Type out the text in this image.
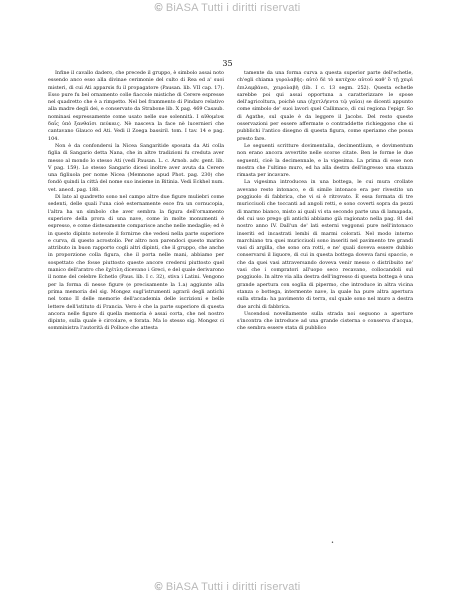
© BiASA Tutti i diritti riservati
35

Infine il cavallo dadero, che precede il gruppo, è simbolo assai noto essendo anco esso alla divinae cerimonie del culto di Rea ed a' suoi misteri, di cui Ati apparsis fu il propagatore (Pausan. lib. VII cap. 17). Esso pure fu bel ornamento colle fiaccole mistiche di Cerere espresse nel quadretto che è a rimpetto. Nel bel frammento di Pindaro relativo alla madre degli dei, e conservato da Strabone lib. X pag. 469 Casaub. nominasi espressamente come usato nelle sue solennità. I αἰθομένα δαΐς ὑπὸ ξανθαῖσι πεύκαις. Nè nasceva la face nè lucernieri che cantavano Glauco ed Ati. Vedi il Zoega bassiril. tom. I tav. 14 e pag. 104.

Non è da confondersi la Nicea Sangaritide sposata da Ati colla figlia di Sangario detta Nana, che in altre tradizioni fu creduta aver messo al mondo lo stesso Ati (vedi Pausan. L. c. Arnob. adv. gent. lib. V pag. 159). Lo stesso Sangario dicesi inoltre aver avuta da Cerere una figliuola per nome Nicea (Memnone apud Phot. pag. 230) che fondò quindi la città del nome suo insieme in Bitinia. Vedi Eckhel num. vet. anecd. pag. 188.

Di lato al quadretto sono nel campo altre due figure muliebri come sedenti, delle quali l'una cioè esternamente esce fra un cornucopia, l'altra ha un simbolo che aver sembra la figura dell'ornamento superiore della prora di una nave, come in molte monumenti è espresso, e come distesamente comparisce anche nelle medaglie; ed è in questo dipinto notevole il fornirne che vedesi nella parte superiore e curva, di questo acrostolio. Per altro non parendoci questo marino attributo in buon rapporto cogli altri dipinti, che il gruppo, che anche in proporzione colla figura, che il porta nelle mani, abbiamo per sospettato che fosse piuttosto queste ancore credersi piuttosto quel manico dell'aratro che ἐχέτλη dicevano i Greci, e del quale derivarono il nome del celebre Echetlo (Paus. lib. I c. 32), stiva i Latini. Vengono per la forma di nesse figure (e precisamente la 1.a) aggiunte alla prima memoria del sig. Mongez sugl'istrumenti agrarii degli antichi nel tomo II delle memorie dell'accademia delle iscrizioni e belle lettere dell'istituto di Francia. Vero è che la parte superiore di questa ancora nelle figure di quella memoria è assai corta, che nel nostro dipinto, sulla quale è circolare, e forata. Ma lo stesso sig. Mongez ci somministra l'autorità di Polluce che attesta

tamente da una forma curva a questa superior parte dell'echetle, ch'egli chiama γυρολαβῆς: αὐτὸ δὲ τὸ κατέχον αὐτοῦ καθ' ὃ τῇ χειρὶ ἐπιλαμβάνει, χειρολαβὴ (lib. I c. 13 segm. 252). Questa echetle sarebbe poi qui assai opportuna a caratterizzare le spose dell'agricoltura, poichè una (ἐχετλήεντα τῷ γαῖαι) se dicenti appunto come simbolo de' suoi lavori quel Callimaco, di cui regiona l'epigr. So di Agathe, sul quale è da leggere il Jacobs. Del resto queste osservazioni per essere affermate o contraddette richieggono che si pubblichi l'antico disegno di questa figura, come speriamo che possa presto fare.

Le seguenti scritture dovimentalia, decimentlium, e dovimentum non erano ancora avvertite nelle scorse citate. Ben le forme le due seguenti, cioè la decimennale, e la vigesima. La prima di esse non mostra che l'ultimo muro, ed ha alla destra dell'ingresso una stanza rimasta per incavare.

La vigesima introducea in una bottega, le cui mura crollate avevano resto intonaco, e di simile intonaco era per rivestito un poggiuolo di fabbrica, che vi si è ritrovato. È essa formata di tre muricciuoli che toccanti ad angoli retti, e sono coverti sopra da pezzi di marmo bianco, misto ai quali vi sta secondo parte una di lamapada, del cui uso prego gli antichi abbiamo già ragionato nella pag. 81 del nostro anno IV. Dall'un de' lati esterni veggonsi pure nell'intonaco inseriti ed incastrati lembi di marmi colorati. Nel modo interno marchiano tra quei muricciuoli sono inseriti nel pavimento tre grandi vasi di argilla, che sono ora rotti, e ne' quali doveva essere dubbio conservarsi il liquore, di cui in questa bottega doveva farsi spaccio, e che da quei vasi attraversando doveva venir messo o distribuito ne' vasi che i compratori all'uopo seco recavano, collocandoli sul poggiuolo. In altre via alla destra dell'ingresso di questa bottega è una grande apertura con soglia di pipermo, che introduce in altra vicina stanza o bottega, intermente nave, la quale ha pure altra apertura sulla strada: ha pavimento di terra, sul quale sono nel muro a destra due archi di fabbrica.

Uscendosi novellamente sulla strada noi seguono a aperture s'incontra che introduce ad una grande cisterna o conserva d'acqua, che sembra essere stata di pubblico

•
© BiASA Tutti i diritti riservati
